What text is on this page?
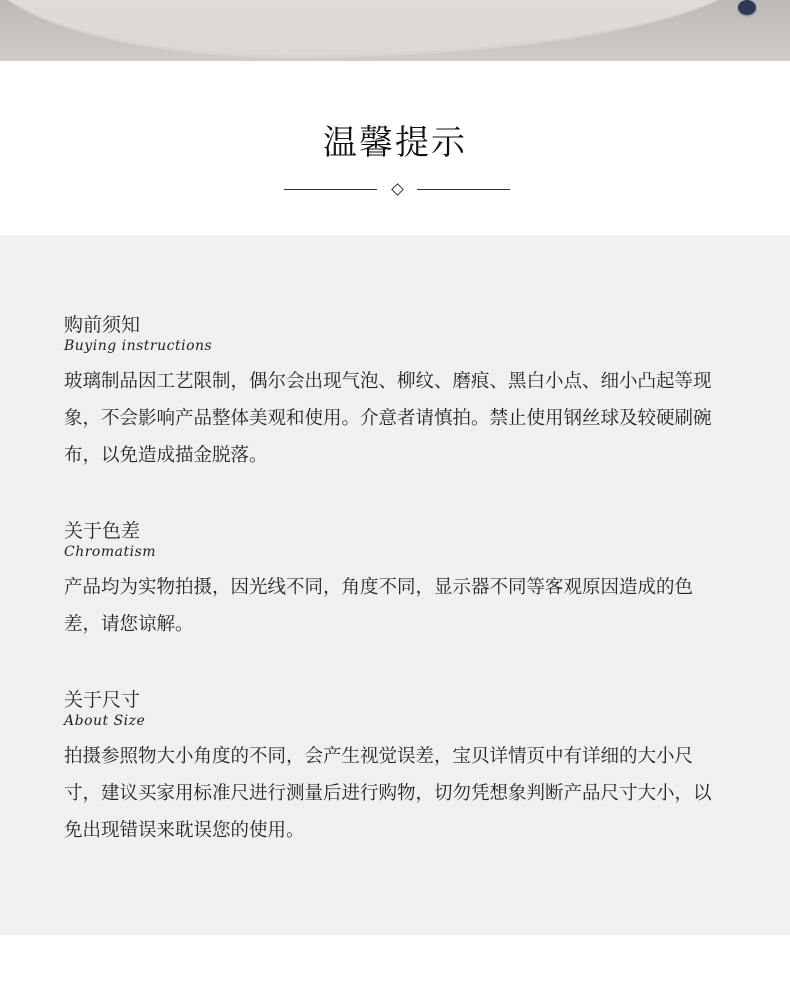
温馨提示
购前须知
Buying instructions
玻璃制品因工艺限制，偶尔会出现气泡、柳纹、磨痕、黑白小点、细小凸起等现象，不会影响产品整体美观和使用。介意者请慎拍。禁止使用钢丝球及较硬刷碗布，以免造成描金脱落。
关于色差
Chromatism
产品均为实物拍摄，因光线不同，角度不同，显示器不同等客观原因造成的色差，请您谅解。
关于尺寸
About Size
拍摄参照物大小角度的不同，会产生视觉误差，宝贝详情页中有详细的大小尺寸，建议买家用标准尺进行测量后进行购物，切勿凭想象判断产品尺寸大小，以免出现错误来耽误您的使用。
